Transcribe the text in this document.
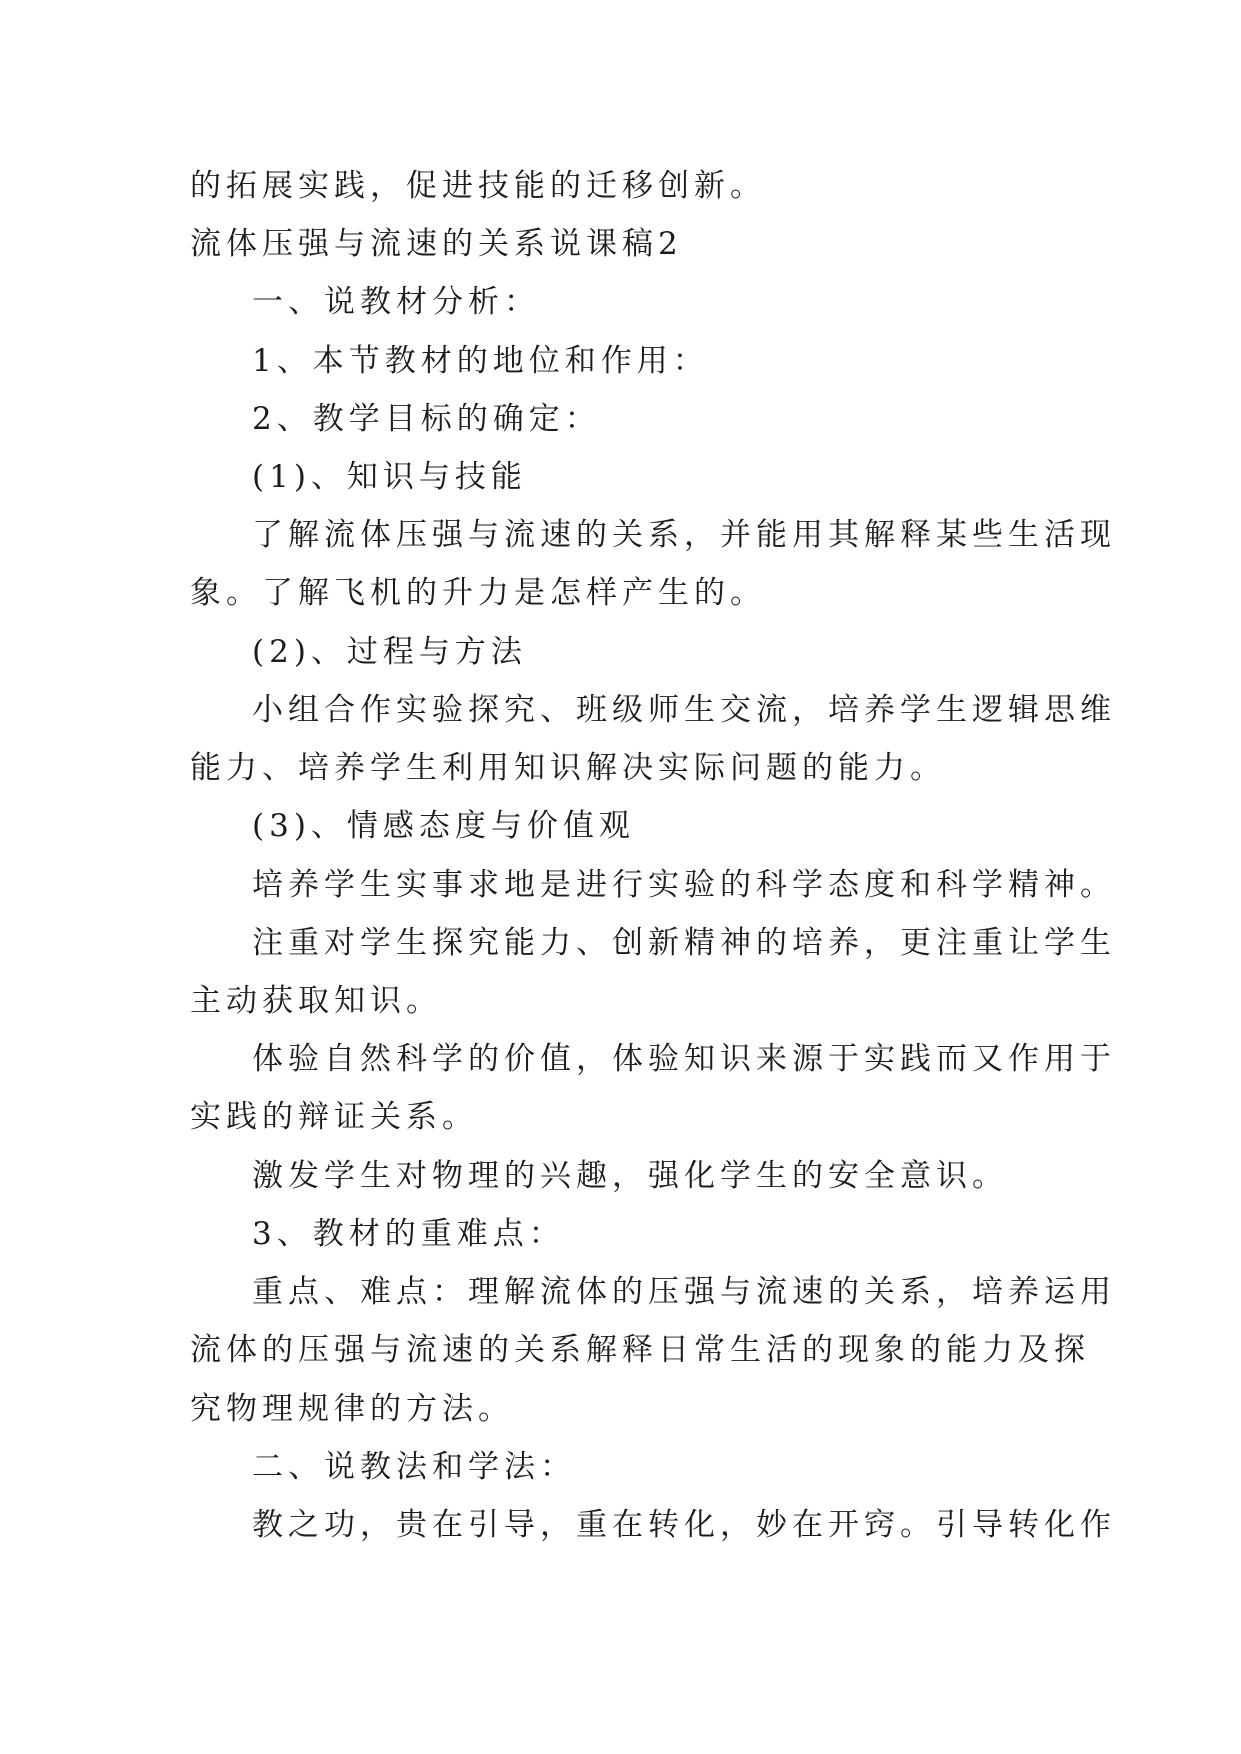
的拓展实践，促进技能的迁移创新。
流体压强与流速的关系说课稿2
一、说教材分析：
1、本节教材的地位和作用：
2、教学目标的确定：
(1)、知识与技能
了解流体压强与流速的关系，并能用其解释某些生活现
象。了解飞机的升力是怎样产生的。
(2)、过程与方法
小组合作实验探究、班级师生交流，培养学生逻辑思维
能力、培养学生利用知识解决实际问题的能力。
(3)、情感态度与价值观
培养学生实事求地是进行实验的科学态度和科学精神。
注重对学生探究能力、创新精神的培养，更注重让学生
主动获取知识。
体验自然科学的价值，体验知识来源于实践而又作用于
实践的辩证关系。
激发学生对物理的兴趣，强化学生的安全意识。
3、教材的重难点：
重点、难点：理解流体的压强与流速的关系，培养运用
流体的压强与流速的关系解释日常生活的现象的能力及探
究物理规律的方法。
二、说教法和学法：
教之功，贵在引导，重在转化，妙在开窍。引导转化作
